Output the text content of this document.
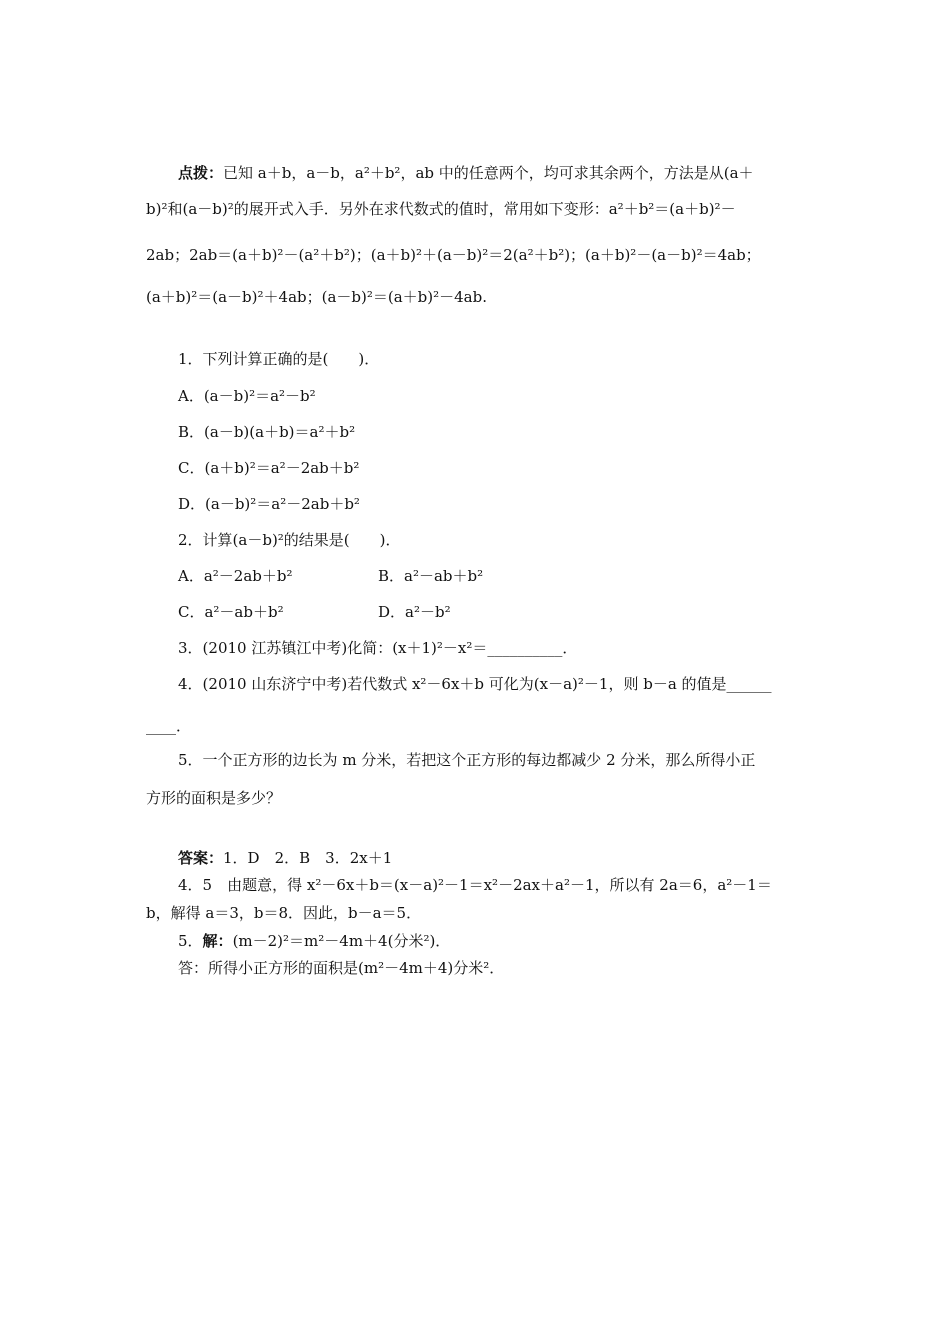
点拨：已知 a＋b，a－b，a²＋b²，ab 中的任意两个，均可求其余两个，方法是从(a＋
b)²和(a－b)²的展开式入手．另外在求代数式的值时，常用如下变形：a²＋b²＝(a＋b)²－
2ab；2ab＝(a＋b)²－(a²＋b²)；(a＋b)²＋(a－b)²＝2(a²＋b²)；(a＋b)²－(a－b)²＝4ab；
(a＋b)²＝(a－b)²＋4ab；(a－b)²＝(a＋b)²－4ab.
1．下列计算正确的是(　　)．
A．(a－b)²＝a²－b²
B．(a－b)(a＋b)＝a²＋b²
C．(a＋b)²＝a²－2ab＋b²
D．(a－b)²＝a²－2ab＋b²
2．计算(a－b)²的结果是(　　)．
A．a²－2ab＋b²	B．a²－ab＋b²
C．a²－ab＋b²	D．a²－b²
3．(2010 江苏镇江中考)化简：(x＋1)²－x²＝__________．
4．(2010 山东济宁中考)若代数式 x²－6x＋b 可化为(x－a)²－1，则 b－a 的值是______
____．
5．一个正方形的边长为 m 分米，若把这个正方形的每边都减少 2 分米，那么所得小正
方形的面积是多少？
答案：1．D　2．B　3．2x＋1
4．5　由题意，得 x²－6x＋b＝(x－a)²－1＝x²－2ax＋a²－1，所以有 2a＝6，a²－1＝
b，解得 a＝3，b＝8．因此，b－a＝5．
5．解：(m－2)²＝m²－4m＋4(分米²)．
答：所得小正方形的面积是(m²－4m＋4)分米²．
